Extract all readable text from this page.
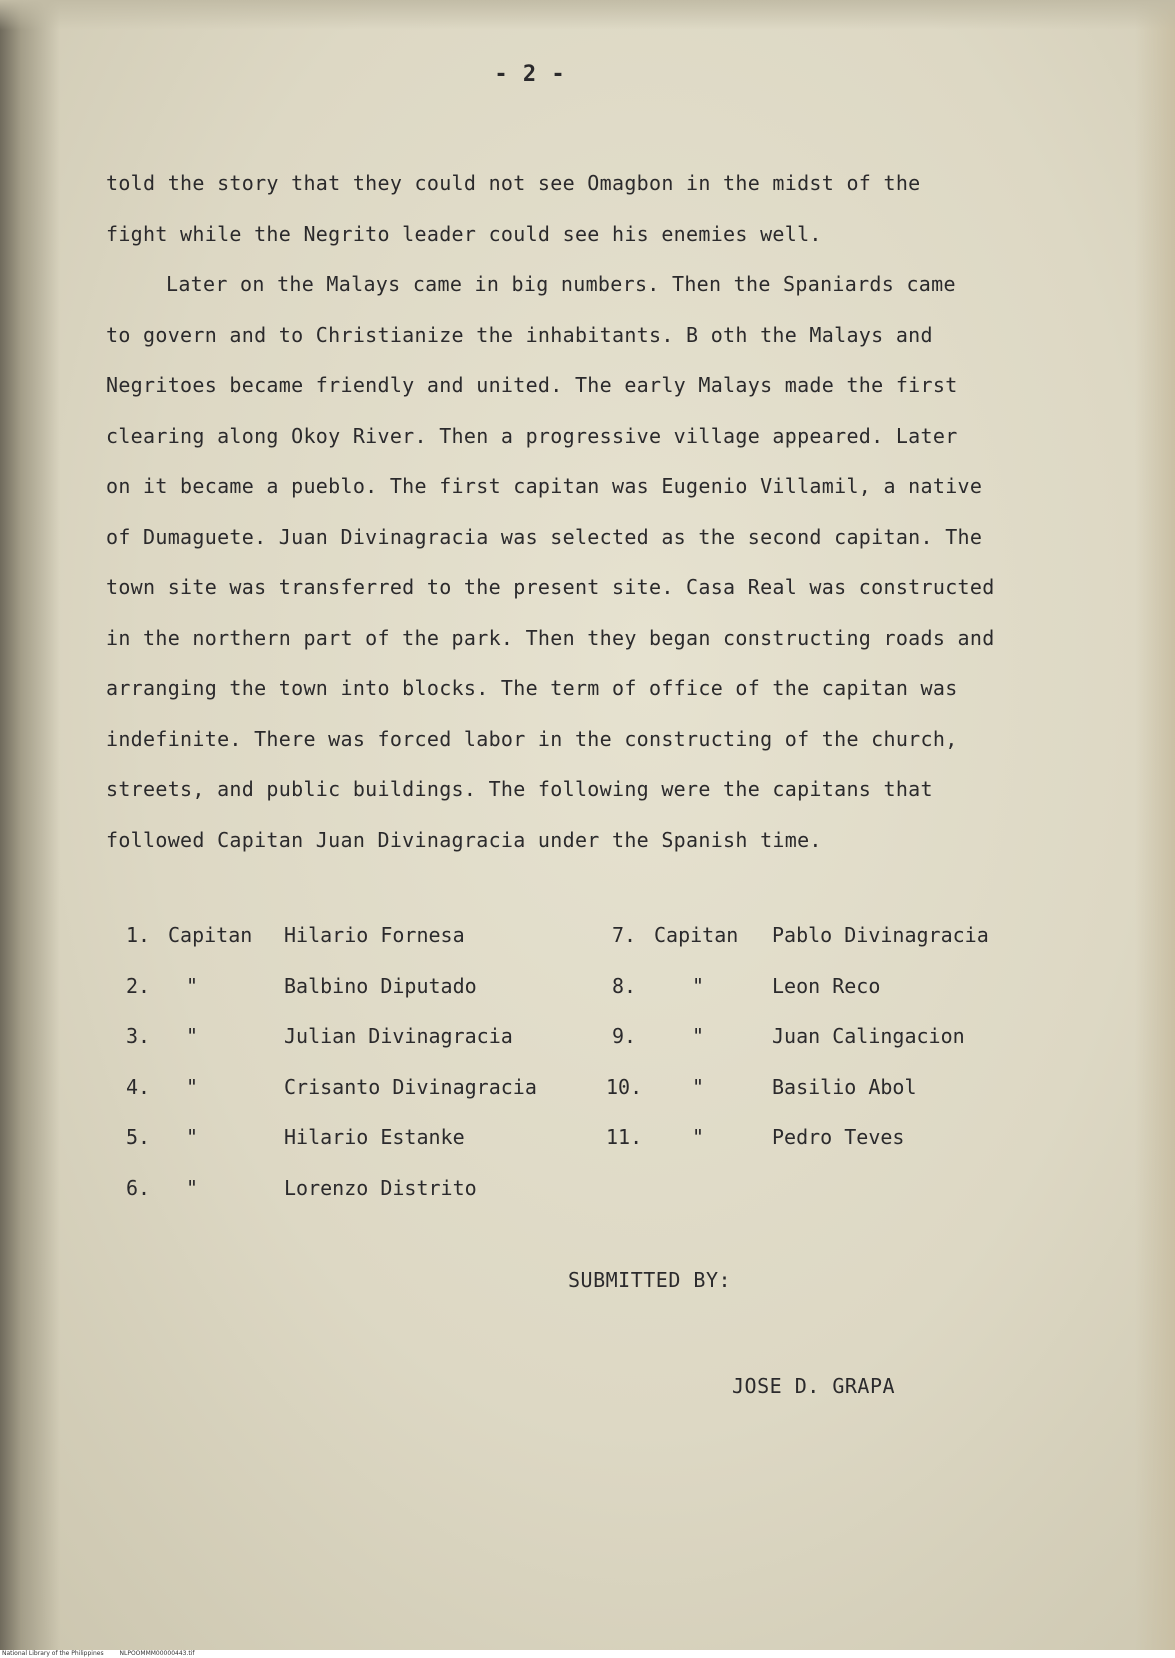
- 2 -

told the story that they could not see Omagbon in the midst of the

fight while the Negrito leader could see his enemies well.

Later on the Malays came in big numbers. Then the Spaniards came

to govern and to Christianize the inhabitants. B oth the Malays and

Negritoes became friendly and united. The early Malays made the first

clearing along Okoy River. Then a progressive village appeared. Later

on it became a pueblo. The first capitan was Eugenio Villamil, a native

of Dumaguete. Juan Divinagracia was selected as the second capitan. The

town site was transferred to the present site. Casa Real was constructed

in the northern part of the park. Then they began constructing roads and

arranging the town into blocks. The term of office of the capitan was

indefinite. There was forced labor in the constructing of the church,

streets, and public buildings. The following were the capitans that

followed Capitan Juan Divinagracia under the Spanish time.

1. Capitan Hilario Fornesa
2. "	Balbino Diputado
3. "	Julian Divinagracia
4. "	Crisanto Divinagracia
5. "	Hilario Estanke
6. "	Lorenzo Distrito
7. Capitan Pablo Divinagracia
8.	"	Leon Reco
9.	"	Juan Calingacion
10. "	Basilio Abol
11. "	Pedro Teves
SUBMITTED BY:
JOSE D. GRAPA
National Library of the Philippines	NLPOOMMM00000443.tif
